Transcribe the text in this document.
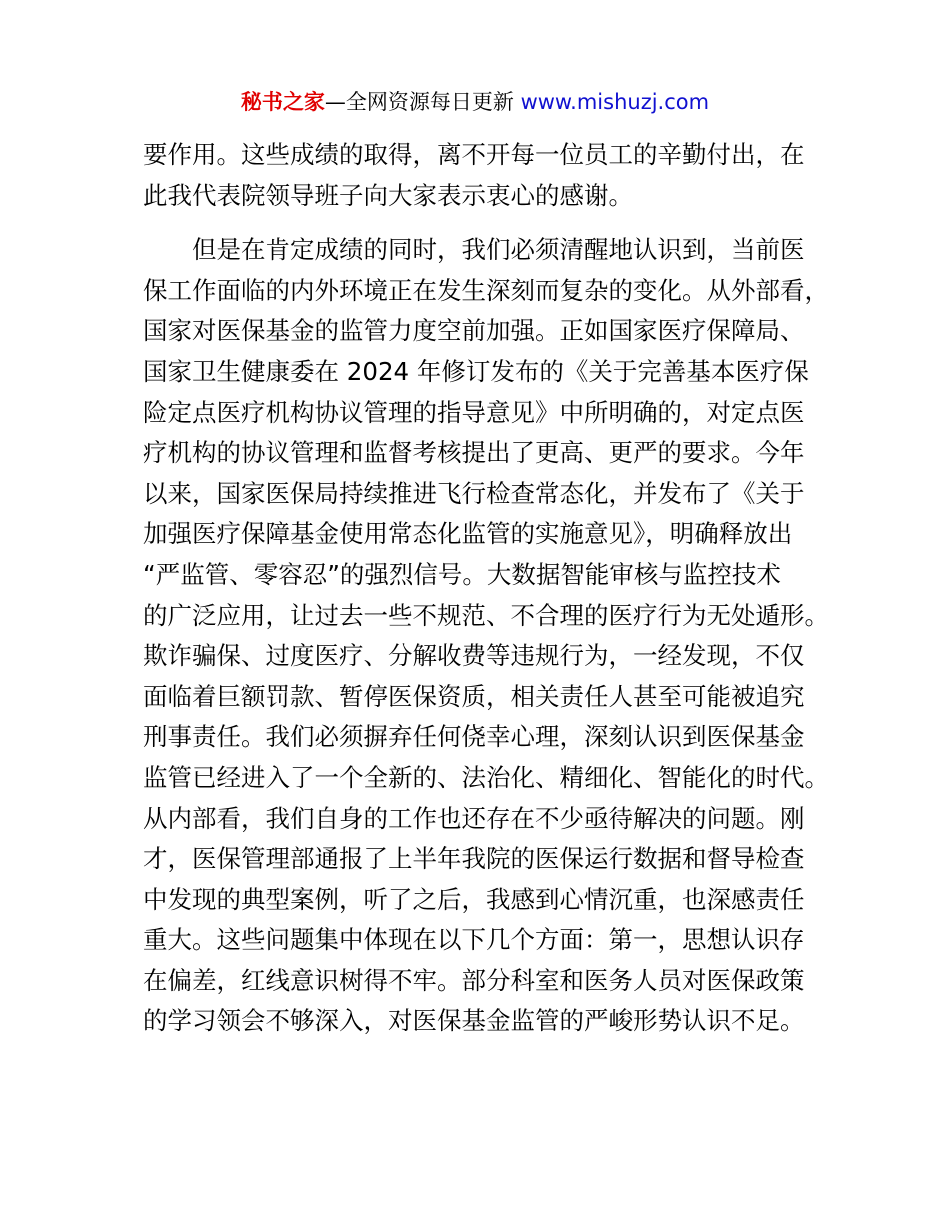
秘书之家—全网资源每日更新 www.mishuzj.com
要作用。这些成绩的取得，离不开每一位员工的辛勤付出，在
此我代表院领导班子向大家表示衷心的感谢。
　　但是在肯定成绩的同时，我们必须清醒地认识到，当前医
保工作面临的内外环境正在发生深刻而复杂的变化。从外部看，
国家对医保基金的监管力度空前加强。正如国家医疗保障局、
国家卫生健康委在 2024 年修订发布的《关于完善基本医疗保
险定点医疗机构协议管理的指导意见》中所明确的，对定点医
疗机构的协议管理和监督考核提出了更高、更严的要求。今年
以来，国家医保局持续推进飞行检查常态化，并发布了《关于
加强医疗保障基金使用常态化监管的实施意见》，明确释放出
“严监管、零容忍”的强烈信号。大数据智能审核与监控技术
的广泛应用，让过去一些不规范、不合理的医疗行为无处遁形。
欺诈骗保、过度医疗、分解收费等违规行为，一经发现，不仅
面临着巨额罚款、暂停医保资质，相关责任人甚至可能被追究
刑事责任。我们必须摒弃任何侥幸心理，深刻认识到医保基金
监管已经进入了一个全新的、法治化、精细化、智能化的时代。
从内部看，我们自身的工作也还存在不少亟待解决的问题。刚
才，医保管理部通报了上半年我院的医保运行数据和督导检查
中发现的典型案例，听了之后，我感到心情沉重，也深感责任
重大。这些问题集中体现在以下几个方面：第一，思想认识存
在偏差，红线意识树得不牢。部分科室和医务人员对医保政策
的学习领会不够深入，对医保基金监管的严峻形势认识不足。
